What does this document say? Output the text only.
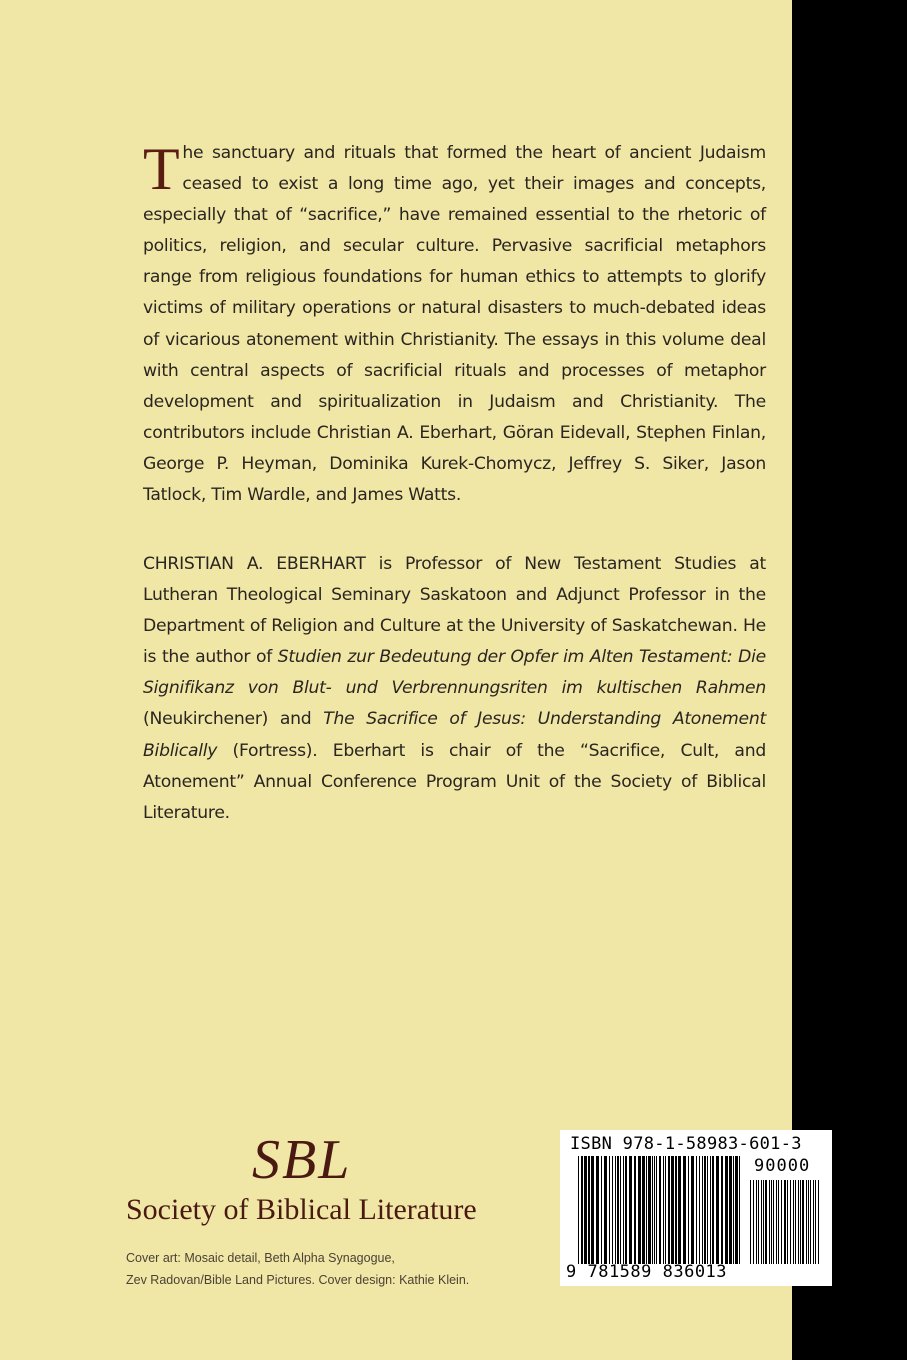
The sanctuary and rituals that formed the heart of ancient Judaism ceased to exist a long time ago, yet their images and concepts, especially that of “sacrifice,” have remained essential to the rhetoric of politics, religion, and secular culture. Pervasive sacrificial metaphors range from religious foundations for human ethics to attempts to glorify victims of military operations or natural disasters to much-debated ideas of vicarious atonement within Christianity. The essays in this volume deal with central aspects of sacrificial rituals and processes of metaphor development and spiritualization in Judaism and Christianity. The contributors include Christian A. Eberhart, Göran Eidevall, Stephen Finlan, George P. Heyman, Dominika Kurek-Chomycz, Jeffrey S. Siker, Jason Tatlock, Tim Wardle, and James Watts.

CHRISTIAN A. EBERHART is Professor of New Testament Studies at Lutheran Theological Seminary Saskatoon and Adjunct Professor in the Department of Religion and Culture at the University of Saskatchewan. He is the author of Studien zur Bedeutung der Opfer im Alten Testament: Die Signifikanz von Blut- und Verbrennungsriten im kultischen Rahmen (Neukirchener) and The Sacrifice of Jesus: Understanding Atonement Biblically (Fortress). Eberhart is chair of the “Sacrifice, Cult, and Atonement” Annual Conference Program Unit of the Society of Biblical Literature.

SBL
Society of Biblical Literature
Cover art: Mosaic detail, Beth Alpha Synagogue,
Zev Radovan/Bible Land Pictures. Cover design: Kathie Klein.
ISBN 978-1-58983-601-3
90000
9 781589 836013
